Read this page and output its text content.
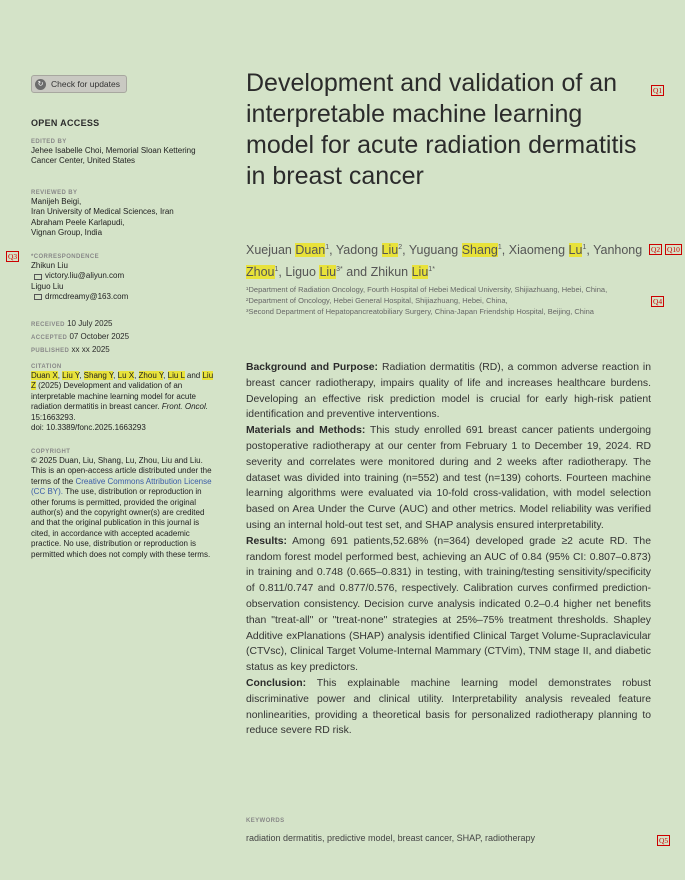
↻ Check for updates
OPEN ACCESS
EDITED BY
Jehee Isabelle Choi, Memorial Sloan Kettering Cancer Center, United States
REVIEWED BY
Manijeh Beigi,
Iran University of Medical Sciences, Iran
Abraham Peele Karlapudi,
Vignan Group, India
*CORRESPONDENCE
Zhikun Liu
victory.liu@aliyun.com
Liguo Liu
drmcdreamy@163.com
RECEIVED 10 July 2025
ACCEPTED 07 October 2025
PUBLISHED xx xx 2025
CITATION
Duan X, Liu Y, Shang Y, Lu X, Zhou Y, Liu L and Liu Z (2025) Development and validation of an interpretable machine learning model for acute radiation dermatitis in breast cancer. Front. Oncol. 15:1663293.
doi: 10.3389/fonc.2025.1663293
COPYRIGHT
© 2025 Duan, Liu, Shang, Lu, Zhou, Liu and Liu. This is an open-access article distributed under the terms of the Creative Commons Attribution License (CC BY). The use, distribution or reproduction in other forums is permitted, provided the original author(s) and the copyright owner(s) are credited and that the original publication in this journal is cited, in accordance with accepted academic practice. No use, distribution or reproduction is permitted which does not comply with these terms.
Development and validation of an interpretable machine learning model for acute radiation dermatitis in breast cancer
Xuejuan Duan$^1$, Yadong Liu$^2$, Yuguang Shang$^1$, Xiaomeng Lu$^1$, Yanhong Zhou$^1$, Liguo Liu$^{3*}$ and Zhikun Liu$^{1*}$
¹Department of Radiation Oncology, Fourth Hospital of Hebei Medical University, Shijiazhuang, Hebei, China, ²Department of Oncology, Hebei General Hospital, Shijiazhuang, Hebei, China,
³Second Department of Hepatopancreatobiliary Surgery, China-Japan Friendship Hospital, Beijing, China

Background and Purpose: Radiation dermatitis (RD), a common adverse reaction in breast cancer radiotherapy, impairs quality of life and increases healthcare burdens. Developing an effective risk prediction model is crucial for early high-risk patient identification and preventive interventions.

Materials and Methods: This study enrolled 691 breast cancer patients undergoing postoperative radiotherapy at our center from February 1 to December 19, 2024. RD severity and correlates were monitored during and 2 weeks after radiotherapy. The dataset was divided into training (n=552) and test (n=139) cohorts. Fourteen machine learning algorithms were evaluated via 10-fold cross-validation, with model selection based on Area Under the Curve (AUC) and other metrics. Model reliability was verified using an internal hold-out test set, and SHAP analysis ensured interpretability.

Results: Among 691 patients,52.68% (n=364) developed grade ≥2 acute RD. The random forest model performed best, achieving an AUC of 0.84 (95% CI: 0.807–0.873) in training and 0.748 (0.665–0.831) in testing, with training/testing sensitivity/specificity of 0.811/0.747 and 0.877/0.576, respectively. Calibration curves confirmed prediction-observation consistency. Decision curve analysis indicated 0.2–0.4 higher net benefits than "treat-all" or "treat-none" strategies at 25%–75% treatment thresholds. Shapley Additive exPlanations (SHAP) analysis identified Clinical Target Volume-Supraclavicular (CTVsc), Clinical Target Volume-Internal Mammary (CTVim), TNM stage II, and diabetic status as key predictors.

Conclusion: This explainable machine learning model demonstrates robust discriminative power and clinical utility. Interpretability analysis revealed feature nonlinearities, providing a theoretical basis for personalized radiotherapy planning to reduce severe RD risk.

KEYWORDS
radiation dermatitis, predictive model, breast cancer, SHAP, radiotherapy
Q1
Q2 Q10
Q3
Q4
Q5
